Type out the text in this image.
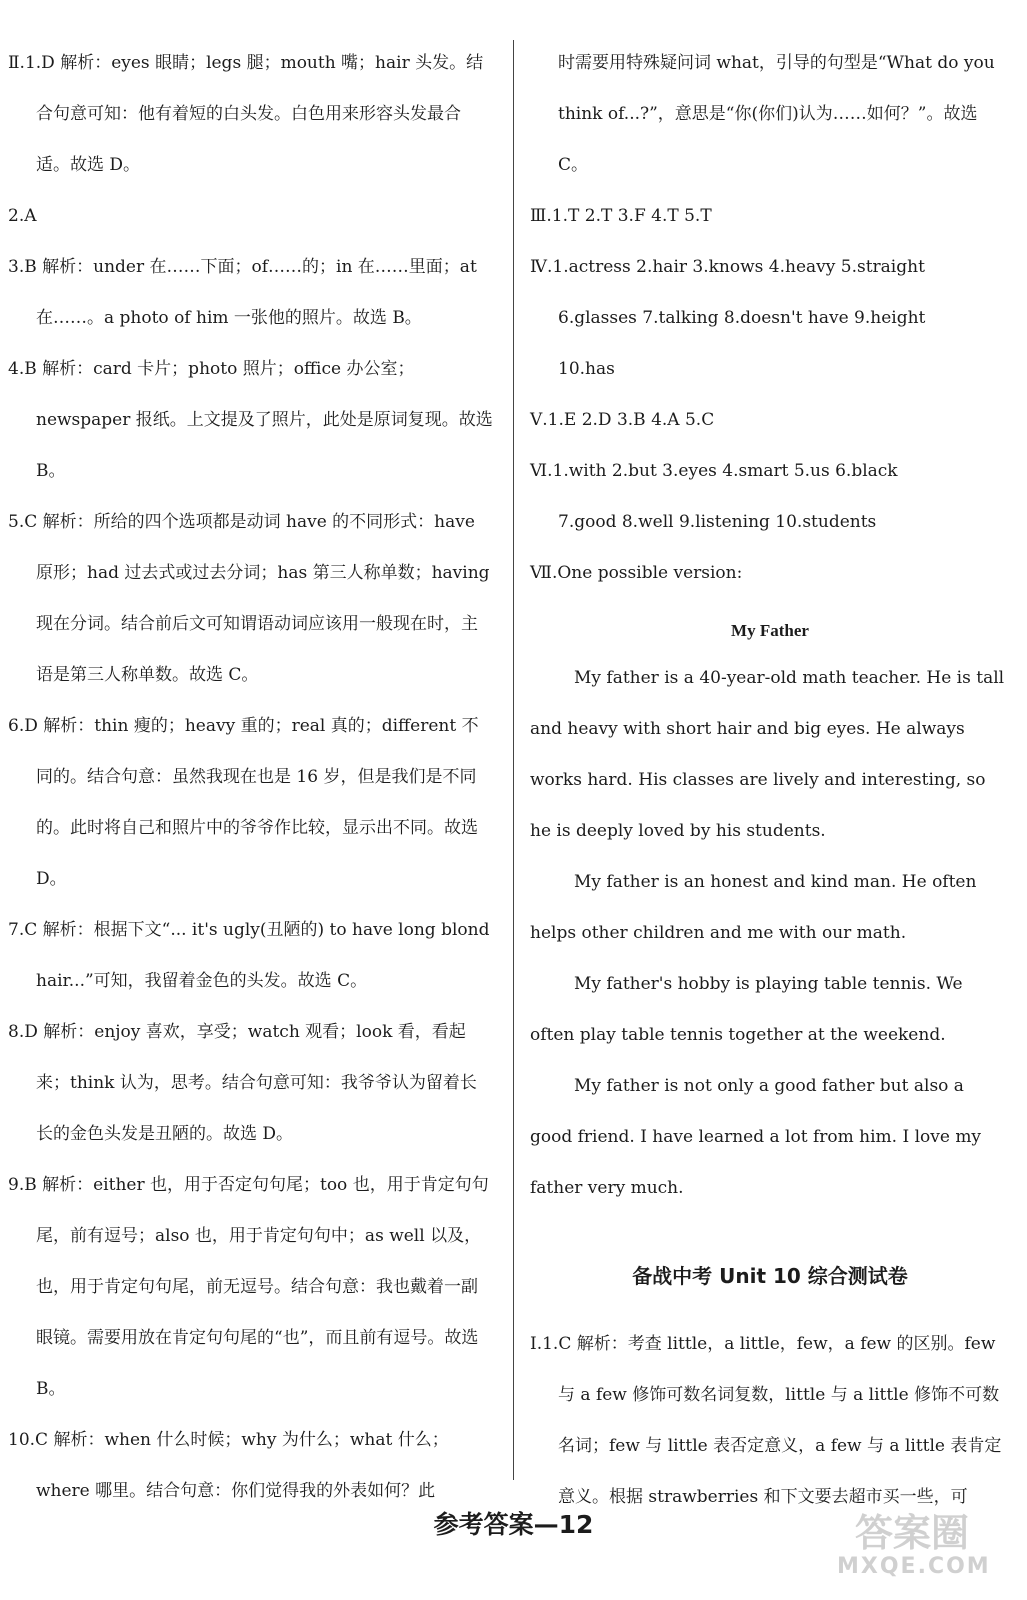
Ⅱ.1.D 解析：eyes 眼睛；legs 腿；mouth 嘴；hair 头发。结合句意可知：他有着短的白头发。白色用来形容头发最合适。故选 D。

2.A

3.B 解析：under 在……下面；of……的；in 在……里面；at 在……。a photo of him 一张他的照片。故选 B。

4.B 解析：card 卡片；photo 照片；office 办公室；newspaper 报纸。上文提及了照片，此处是原词复现。故选 B。

5.C 解析：所给的四个选项都是动词 have 的不同形式：have 原形；had 过去式或过去分词；has 第三人称单数；having 现在分词。结合前后文可知谓语动词应该用一般现在时，主语是第三人称单数。故选 C。

6.D 解析：thin 瘦的；heavy 重的；real 真的；different 不同的。结合句意：虽然我现在也是 16 岁，但是我们是不同的。此时将自己和照片中的爷爷作比较，显示出不同。故选 D。

7.C 解析：根据下文“... it's ugly(丑陋的) to have long blond hair...”可知，我留着金色的头发。故选 C。

8.D 解析：enjoy 喜欢，享受；watch 观看；look 看，看起来；think 认为，思考。结合句意可知：我爷爷认为留着长长的金色头发是丑陋的。故选 D。

9.B 解析：either 也，用于否定句句尾；too 也，用于肯定句句尾，前有逗号；also 也，用于肯定句句中；as well 以及，也，用于肯定句句尾，前无逗号。结合句意：我也戴着一副眼镜。需要用放在肯定句句尾的“也”，而且前有逗号。故选 B。

10.C 解析：when 什么时候；why 为什么；what 什么；where 哪里。结合句意：你们觉得我的外表如何？此

时需要用特殊疑问词 what，引导的句型是“What do you think of...?”，意思是“你(你们)认为……如何？”。故选 C。

Ⅲ.1.T 2.T 3.F 4.T 5.T

Ⅳ.1.actress 2.hair 3.knows 4.heavy 5.straight

6.glasses 7.talking 8.doesn't have 9.height

10.has

Ⅴ.1.E 2.D 3.B 4.A 5.C

Ⅵ.1.with 2.but 3.eyes 4.smart 5.us 6.black

7.good 8.well 9.listening 10.students

Ⅶ.One possible version:

My Father

My father is a 40-year-old math teacher. He is tall and heavy with short hair and big eyes. He always works hard. His classes are lively and interesting, so he is deeply loved by his students.

My father is an honest and kind man. He often helps other children and me with our math.

My father's hobby is playing table tennis. We often play table tennis together at the weekend.

My father is not only a good father but also a good friend. I have learned a lot from him. I love my father very much.

备战中考 Unit 10 综合测试卷

Ⅰ.1.C 解析：考查 little，a little，few，a few 的区别。few 与 a few 修饰可数名词复数，little 与 a little 修饰不可数名词；few 与 little 表否定意义，a few 与 a little 表肯定意义。根据 strawberries 和下文要去超市买一些，可

参考答案—12	答案圈
MXQE.COM
